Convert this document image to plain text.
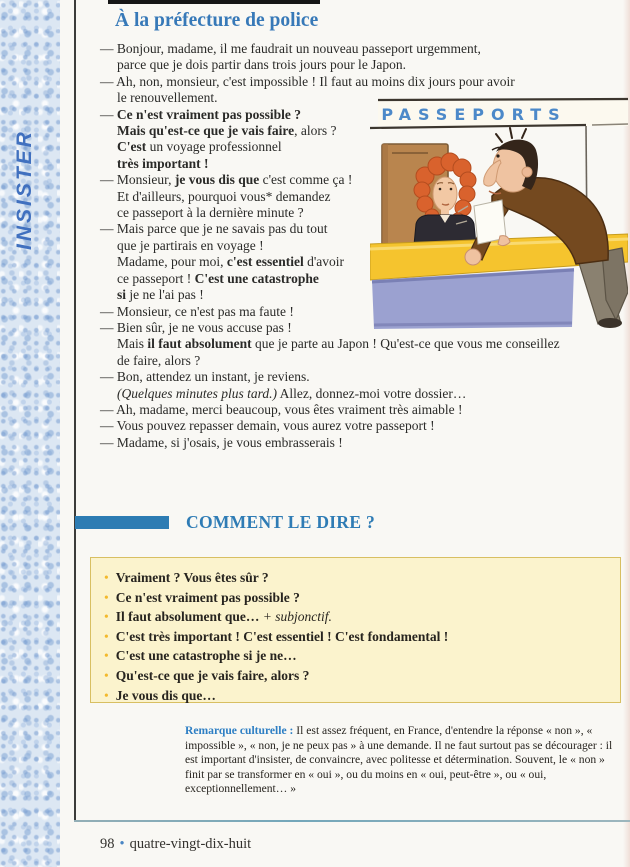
INSISTER
À la préfecture de police
— Bonjour, madame, il me faudrait un nouveau passeport urgemment,
parce que je dois partir dans trois jours pour le Japon.
— Ah, non, monsieur, c'est impossible ! Il faut au moins dix jours pour avoir
le renouvellement.
— Ce n'est vraiment pas possible ?
Mais qu'est-ce que je vais faire, alors ?
C'est un voyage professionnel
très important !
— Monsieur, je vous dis que c'est comme ça !
Et d'ailleurs, pourquoi vous* demandez
ce passeport à la dernière minute ?
— Mais parce que je ne savais pas du tout
que je partirais en voyage !
Madame, pour moi, c'est essentiel d'avoir
ce passeport ! C'est une catastrophe
si je ne l'ai pas !
— Monsieur, ce n'est pas ma faute !
— Bien sûr, je ne vous accuse pas !
Mais il faut absolument que je parte au Japon ! Qu'est-ce que vous me conseillez
de faire, alors ?
— Bon, attendez un instant, je reviens.
(Quelques minutes plus tard.) Allez, donnez-moi votre dossier…
— Ah, madame, merci beaucoup, vous êtes vraiment très aimable !
— Vous pouvez repasser demain, vous aurez votre passeport !
— Madame, si j'osais, je vous embrasserais !
PASSEPORTS
COMMENT LE DIRE ?
• Vraiment ? Vous êtes sûr ?
• Ce n'est vraiment pas possible ?
• Il faut absolument que… + subjonctif.
• C'est très important ! C'est essentiel ! C'est fondamental !
• C'est une catastrophe si je ne…
• Qu'est-ce que je vais faire, alors ?
• Je vous dis que…
Remarque culturelle : Il est assez fréquent, en France, d'entendre la réponse « non », « impossible », « non, je ne peux pas » à une demande. Il ne faut surtout pas se décourager : il est important d'insister, de convaincre, avec politesse et détermination. Souvent, le « non » finit par se transformer en « oui », ou du moins en « oui, peut-être », ou « oui, exceptionnellement… »
98 • quatre-vingt-dix-huit
